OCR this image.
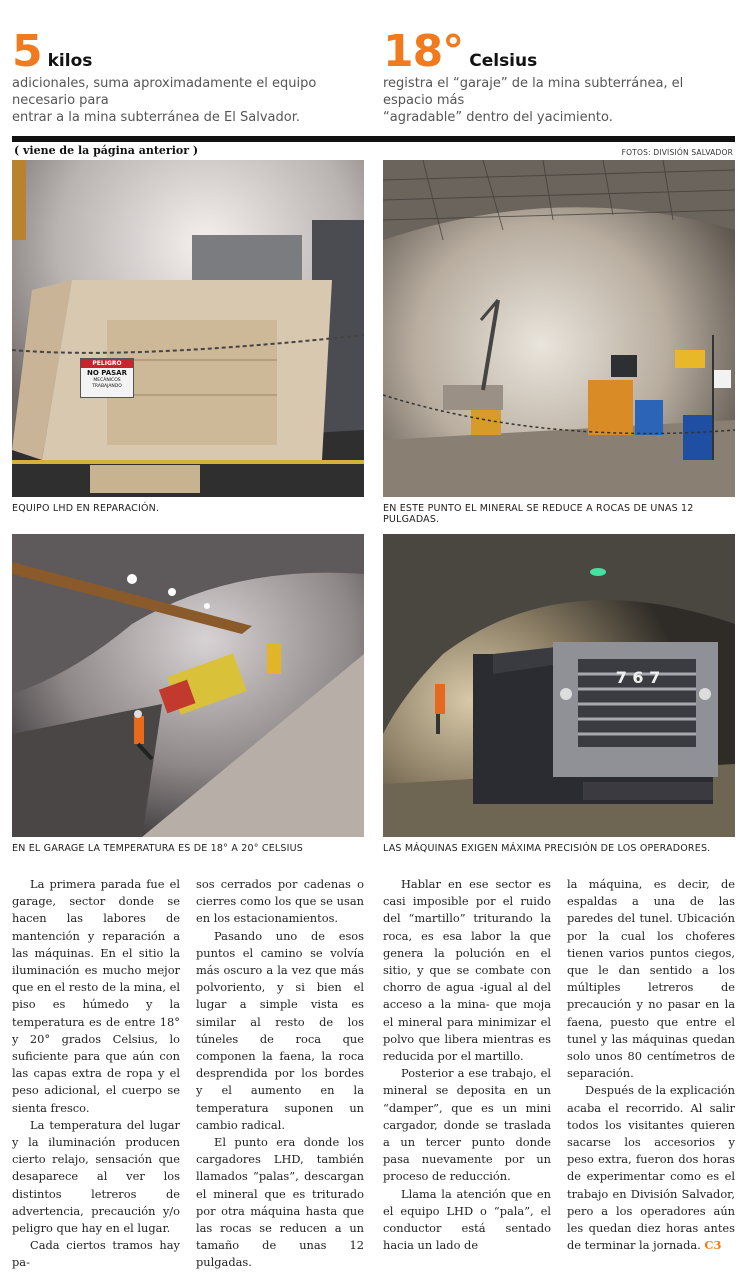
5 kilos
adicionales, suma aproximadamente el equipo necesario para
entrar a la mina subterránea de El Salvador.
18° Celsius
registra el “garaje” de la mina subterránea, el espacio más
“agradable” dentro del yacimiento.
( viene de la página anterior )	FOTOS: DIVISIÓN SALVADOR
PELIGRO
NO PASAR
MECÁNICOS
TRABAJANDO
EQUIPO LHD EN REPARACIÓN.	EN ESTE PUNTO EL MINERAL SE REDUCE A ROCAS DE UNAS 12 PULGADAS.
EN EL GARAGE LA TEMPERATURA ES DE 18° A 20° CELSIUS
7 6 7
LAS MÁQUINAS EXIGEN MÁXIMA PRECISIÓN DE LOS OPERADORES.

La primera parada fue el garage, sector donde se hacen las labores de mantención y reparación a las máquinas. En el sitio la iluminación es mucho mejor que en el resto de la mina, el piso es húmedo y la temperatura es de entre 18° y 20° grados Celsius, lo suficiente para que aún con las capas extra de ropa y el peso adicional, el cuerpo se sienta fresco.

La temperatura del lugar y la iluminación producen cierto relajo, sensación que desaparece al ver los distintos letreros de advertencia, precaución y/o peligro que hay en el lugar.

Cada ciertos tramos hay pa-

sos cerrados por cadenas o cierres como los que se usan en los estacionamientos.

Pasando uno de esos puntos el camino se volvía más oscuro a la vez que más polvoriento, y si bien el lugar a simple vista es similar al resto de los túneles de roca que componen la faena, la roca desprendida por los bordes y el aumento en la temperatura suponen un cambio radical.

El punto era donde los cargadores LHD, también llamados “palas”, descargan el mineral que es triturado por otra máquina hasta que las rocas se reducen a un tamaño de unas 12 pulgadas.

Hablar en ese sector es casi imposible por el ruido del “martillo” triturando la roca, es esa labor la que genera la polución en el sitio, y que se combate con chorro de agua -igual al del acceso a la mina- que moja el mineral para minimizar el polvo que libera mientras es reducida por el martillo.

Posterior a ese trabajo, el mineral se deposita en un “damper”, que es un mini cargador, donde se traslada a un tercer punto donde pasa nuevamente por un proceso de reducción.

Llama la atención que en el equipo LHD o “pala”, el conductor está sentado hacia un lado de

la máquina, es decir, de espaldas a una de las paredes del tunel. Ubicación por la cual los choferes tienen varios puntos ciegos, que le dan sentido a los múltiples letreros de precaución y no pasar en la faena, puesto que entre el tunel y las máquinas quedan solo unos 80 centímetros de separación.

Después de la explicación acaba el recorrido. Al salir todos los visitantes quieren sacarse los accesorios y peso extra, fueron dos horas de experimentar como es el trabajo en División Salvador, pero a los operadores aún les quedan diez horas antes de terminar la jornada. C3
